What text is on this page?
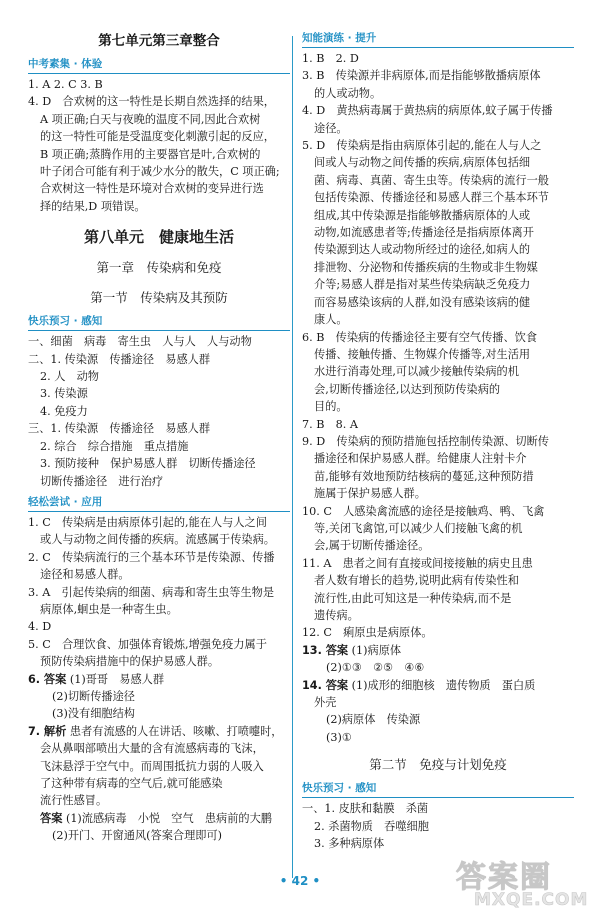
第七单元第三章整合
中考素集 · 体验
1. A 2. C 3. B
4. D　合欢树的这一特性是长期自然选择的结果，
A 项正确;白天与夜晚的温度不同,因此合欢树
的这一特性可能是受温度变化刺激引起的反应，
B 项正确;蒸腾作用的主要器官是叶,合欢树的
叶子闭合可能有利于减少水分的散失，C 项正确;
合欢树这一特性是环境对合欢树的变异进行选
择的结果,D 项错误。
第八单元　健康地生活
第一章　传染病和免疫
第一节　传染病及其预防
快乐预习 · 感知
一、细菌　病毒　寄生虫　人与人　人与动物
二、1. 传染源　传播途径　易感人群
2. 人　动物
3. 传染源
4. 免疫力
三、1. 传染源　传播途径　易感人群
2. 综合　综合措施　重点措施
3. 预防接种　保护易感人群　切断传播途径
切断传播途径　进行治疗
轻松尝试 · 应用
1. C　传染病是由病原体引起的,能在人与人之间
或人与动物之间传播的疾病。流感属于传染病。
2. C　传染病流行的三个基本环节是传染源、传播
途径和易感人群。
3. A　引起传染病的细菌、病毒和寄生虫等生物是
病原体,蛔虫是一种寄生虫。
4. D
5. C　合理饮食、加强体育锻炼,增强免疫力属于
预防传染病措施中的保护易感人群。
6. 答案 (1)哥哥　易感人群
(2)切断传播途径
(3)没有细胞结构
7. 解析 患者有流感的人在讲话、咳嗽、打喷嚏时，
会从鼻咽部喷出大量的含有流感病毒的飞沫，
飞沫悬浮于空气中。而周围抵抗力弱的人吸入
了这种带有病毒的空气后,就可能感染
流行性感冒。
答案 (1)流感病毒　小悦　空气　患病前的大鹏
(2)开门、开窗通风(答案合理即可)
知能演练 · 提升
1. B　2. D
3. B　传染源并非病原体,而是指能够散播病原体
的人或动物。
4. D　黄热病毒属于黄热病的病原体,蚊子属于传播
途径。
5. D　传染病是指由病原体引起的,能在人与人之
间或人与动物之间传播的疾病,病原体包括细
菌、病毒、真菌、寄生虫等。传染病的流行一般
包括传染源、传播途径和易感人群三个基本环节
组成,其中传染源是指能够散播病原体的人或
动物,如流感患者等;传播途径是指病原体离开
传染源到达人或动物所经过的途径,如病人的
排泄物、分泌物和传播疾病的生物或非生物媒
介等;易感人群是指对某些传染病缺乏免疫力
而容易感染该病的人群,如没有感染该病的健
康人。
6. B　传染病的传播途径主要有空气传播、饮食
传播、接触传播、生物媒介传播等,对生活用
水进行消毒处理,可以减少接触传染病的机
会,切断传播途径,以达到预防传染病的
目的。
7. B　8. A
9. D　传染病的预防措施包括控制传染源、切断传
播途径和保护易感人群。给健康人注射卡介
苗,能够有效地预防结核病的蔓延,这种预防措
施属于保护易感人群。
10. C　人感染禽流感的途径是接触鸡、鸭、飞禽
等,关闭飞禽馆,可以减少人们接触飞禽的机
会,属于切断传播途径。
11. A　患者之间有直接或间接接触的病史且患
者人数有增长的趋势,说明此病有传染性和
流行性,由此可知这是一种传染病,而不是
遗传病。
12. C　痢原虫是病原体。
13. 答案 (1)病原体
(2)①③　②⑤　④⑥
14. 答案 (1)成形的细胞核　遗传物质　蛋白质
外壳
(2)病原体　传染源
(3)①
第二节　免疫与计划免疫
快乐预习 · 感知
一、1. 皮肤和黏膜　杀菌
2. 杀菌物质　吞噬细胞
3. 多种病原体
• 42 •	答案圈
MXQE.COM
